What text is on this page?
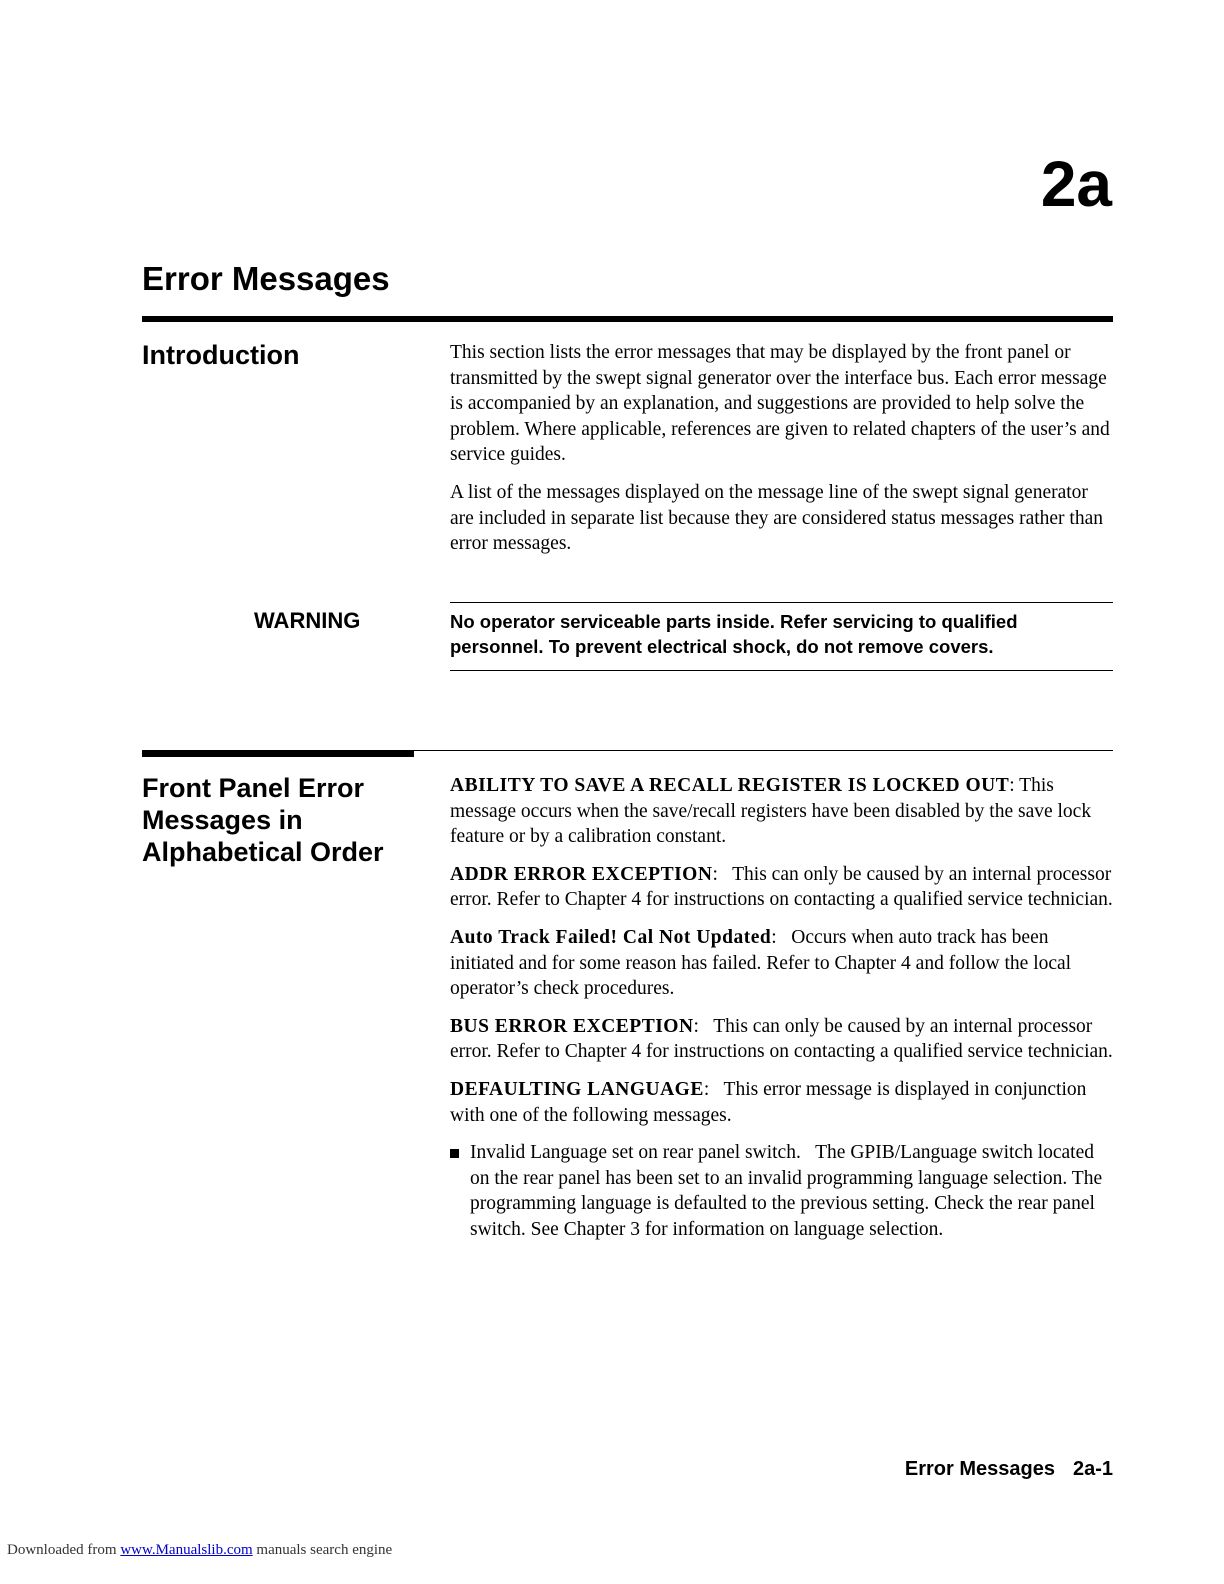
2a
Error Messages
Introduction	This section lists the error messages that may be displayed by the front panel or transmitted by the swept signal generator over the interface bus. Each error message is accompanied by an explanation, and suggestions are provided to help solve the problem. Where applicable, references are given to related chapters of the user’s and service guides.

A list of the messages displayed on the message line of the swept signal generator are included in separate list because they are considered status messages rather than error messages.

WARNING	No operator serviceable parts inside. Refer servicing to qualified personnel. To prevent electrical shock, do not remove covers.
Front Panel Error Messages in Alphabetical Order

ABILITY TO SAVE A RECALL REGISTER IS LOCKED OUT: This message occurs when the save/recall registers have been disabled by the save lock feature or by a calibration constant.

ADDR ERROR EXCEPTION:   This can only be caused by an internal processor error. Refer to Chapter 4 for instructions on contacting a qualified service technician.

Auto Track Failed! Cal Not Updated:   Occurs when auto track has been initiated and for some reason has failed. Refer to Chapter 4 and follow the local operator’s check procedures.

BUS ERROR EXCEPTION:   This can only be caused by an internal processor error. Refer to Chapter 4 for instructions on contacting a qualified service technician.

DEFAULTING LANGUAGE:   This error message is displayed in conjunction with one of the following messages.

Invalid Language set on rear panel switch. The GPIB/Language switch located on the rear panel has been set to an invalid programming language selection. The programming language is defaulted to the previous setting. Check the rear panel switch. See Chapter 3 for information on language selection.
Error Messages 2a-1
Downloaded from www.Manualslib.com manuals search engine
